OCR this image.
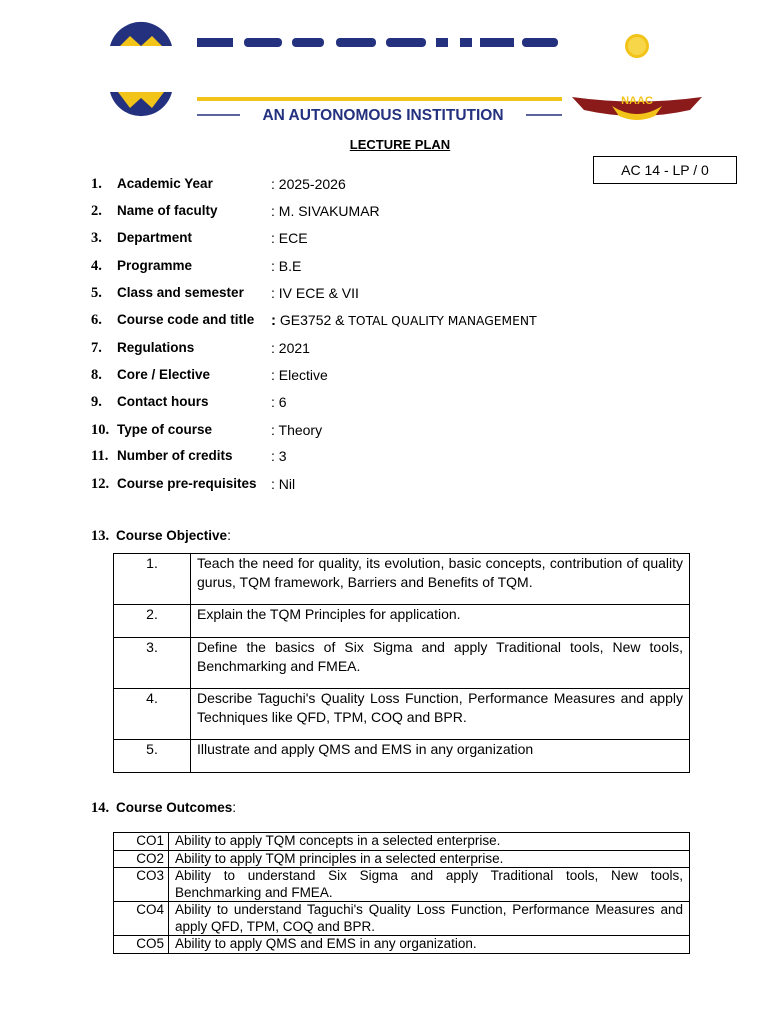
AN AUTONOMOUS INSTITUTION
NAAC
LECTURE PLAN
AC 14 - LP / 0
1. Academic Year	: 2025-2026
2. Name of faculty	: M. SIVAKUMAR
3. Department	: ECE
4. Programme	: B.E
5. Class and semester : IV ECE & VII
6. Course code and title : GE3752 & TOTAL QUALITY MANAGEMENT
7. Regulations	: 2021
8. Core / Elective	: Elective
9. Contact hours	: 6
10. Type of course	: Theory
11. Number of credits	: 3
12. Course pre-requisites : Nil
13. Course Objective:
1.	Teach the need for quality, its evolution, basic concepts, contribution of quality gurus, TQM framework, Barriers and Benefits of TQM.
2.	Explain the TQM Principles for application.
3.	Define the basics of Six Sigma and apply Traditional tools, New tools, Benchmarking and FMEA.
4.	Describe Taguchi's Quality Loss Function, Performance Measures and apply Techniques like QFD, TPM, COQ and BPR.
5.	Illustrate and apply QMS and EMS in any organization
14. Course Outcomes:
CO1	Ability to apply TQM concepts in a selected enterprise.
CO2	Ability to apply TQM principles in a selected enterprise.
CO3	Ability to understand Six Sigma and apply Traditional tools, New tools, Benchmarking and FMEA.
CO4	Ability to understand Taguchi's Quality Loss Function, Performance Measures and apply QFD, TPM, COQ and BPR.
CO5	Ability to apply QMS and EMS in any organization.
